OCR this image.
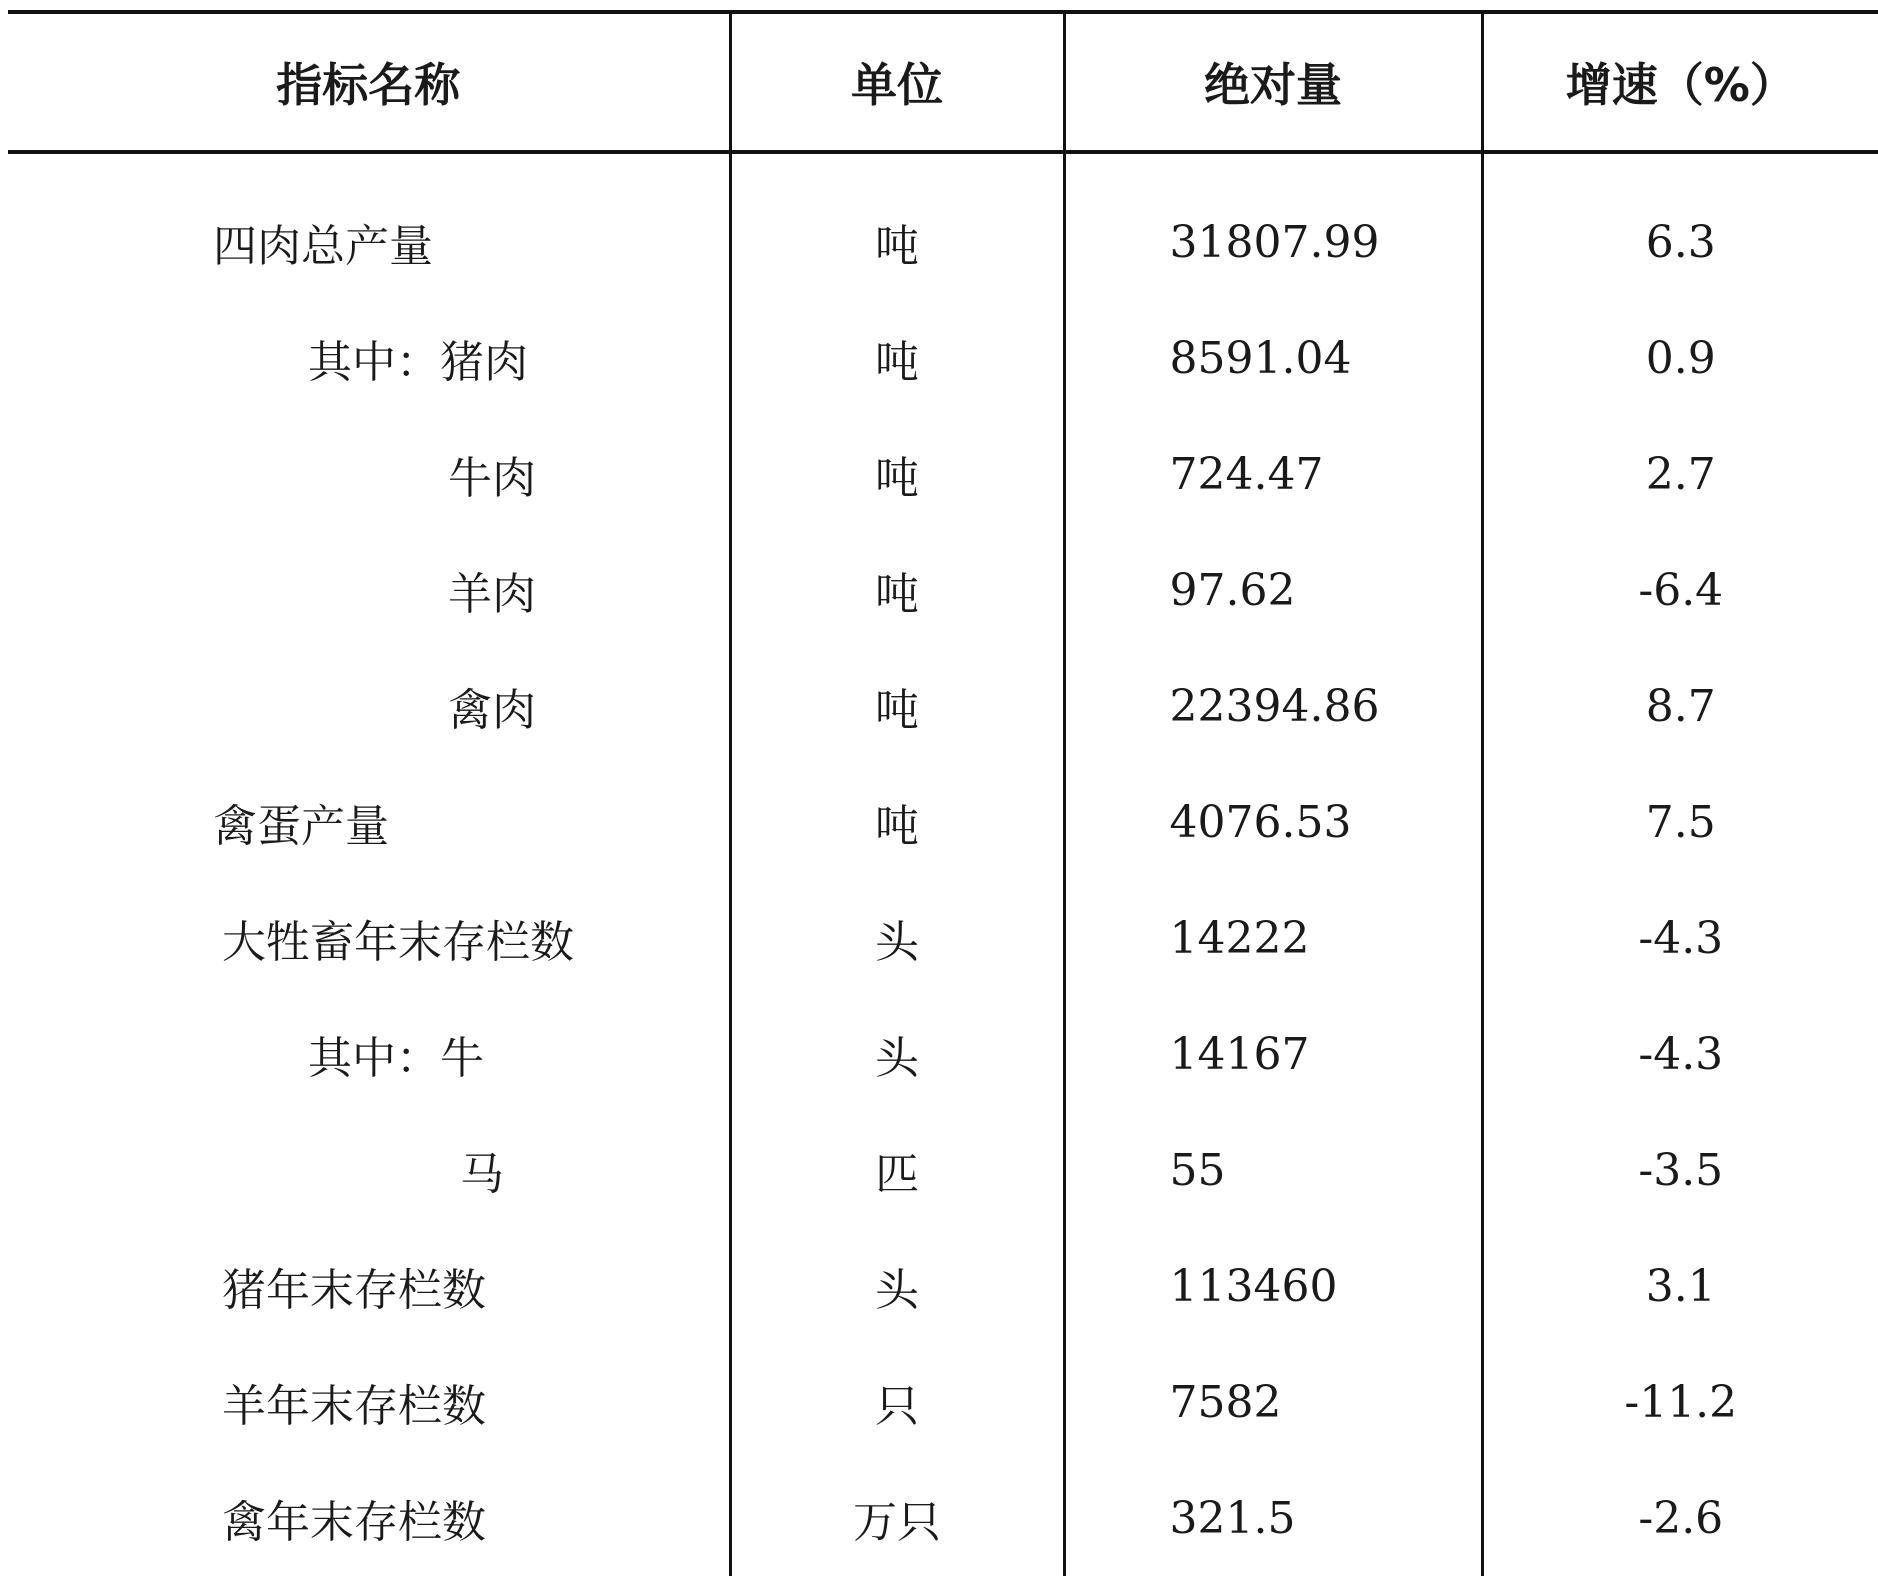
指标名称	单位	绝对量	增速（%）

四肉总产量	吨	31807.99	6.3
其中：猪肉	吨	8591.04	0.9
牛肉	吨	724.47	2.7
羊肉	吨	97.62	-6.4
禽肉	吨	22394.86	8.7
禽蛋产量	吨	4076.53	7.5
大牲畜年末存栏数	头	14222	-4.3
其中：牛	头	14167	-4.3
马	匹	55	-3.5
猪年末存栏数	头	113460	3.1
羊年末存栏数	只	7582	-11.2
禽年末存栏数	万只	321.5	-2.6
